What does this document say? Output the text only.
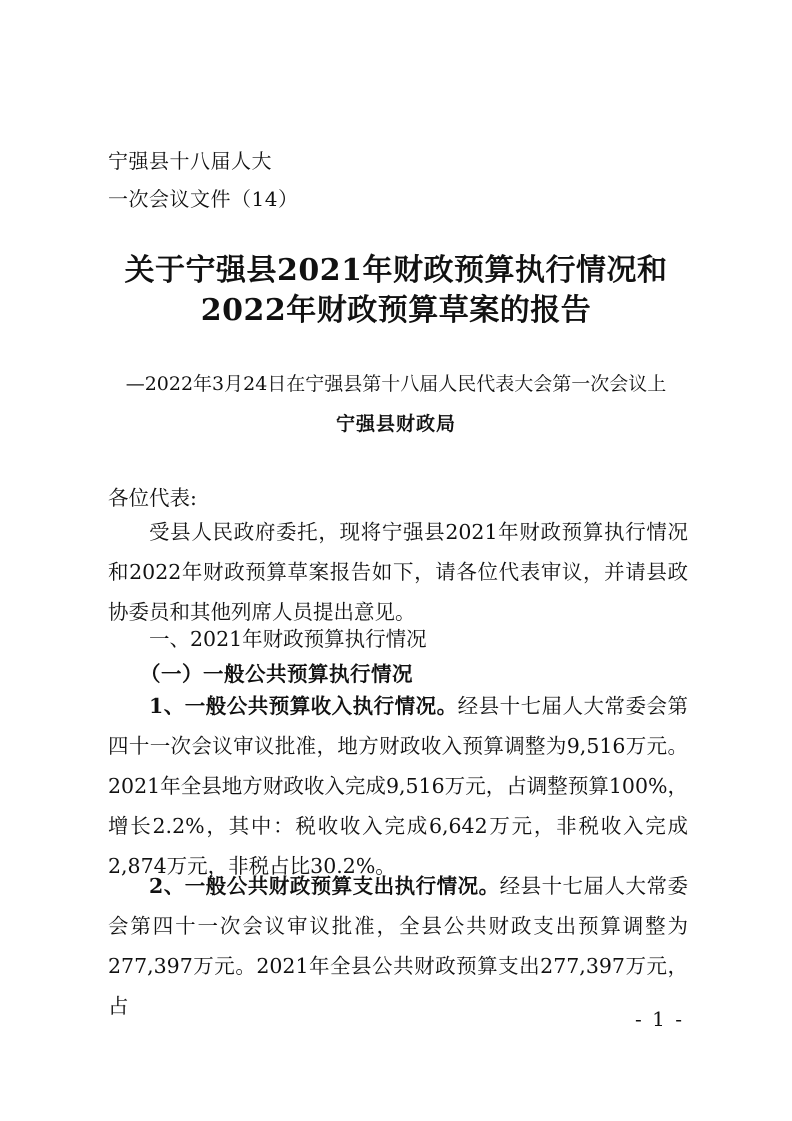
宁强县十八届人大
一次会议文件（14）
关于宁强县2021年财政预算执行情况和
2022年财政预算草案的报告
—2022年3月24日在宁强县第十八届人民代表大会第一次会议上
宁强县财政局
各位代表:
受县人民政府委托，现将宁强县2021年财政预算执行情况和2022年财政预算草案报告如下，请各位代表审议，并请县政协委员和其他列席人员提出意见。
一、2021年财政预算执行情况
（一）一般公共预算执行情况
1、一般公共预算收入执行情况。经县十七届人大常委会第四十一次会议审议批准，地方财政收入预算调整为9,516万元。2021年全县地方财政收入完成9,516万元，占调整预算100%，增长2.2%，其中：税收收入完成6,642万元，非税收入完成2,874万元，非税占比30.2%。
2、一般公共财政预算支出执行情况。经县十七届人大常委会第四十一次会议审议批准，全县公共财政支出预算调整为277,397万元。2021年全县公共财政预算支出277,397万元，占
- 1 -
